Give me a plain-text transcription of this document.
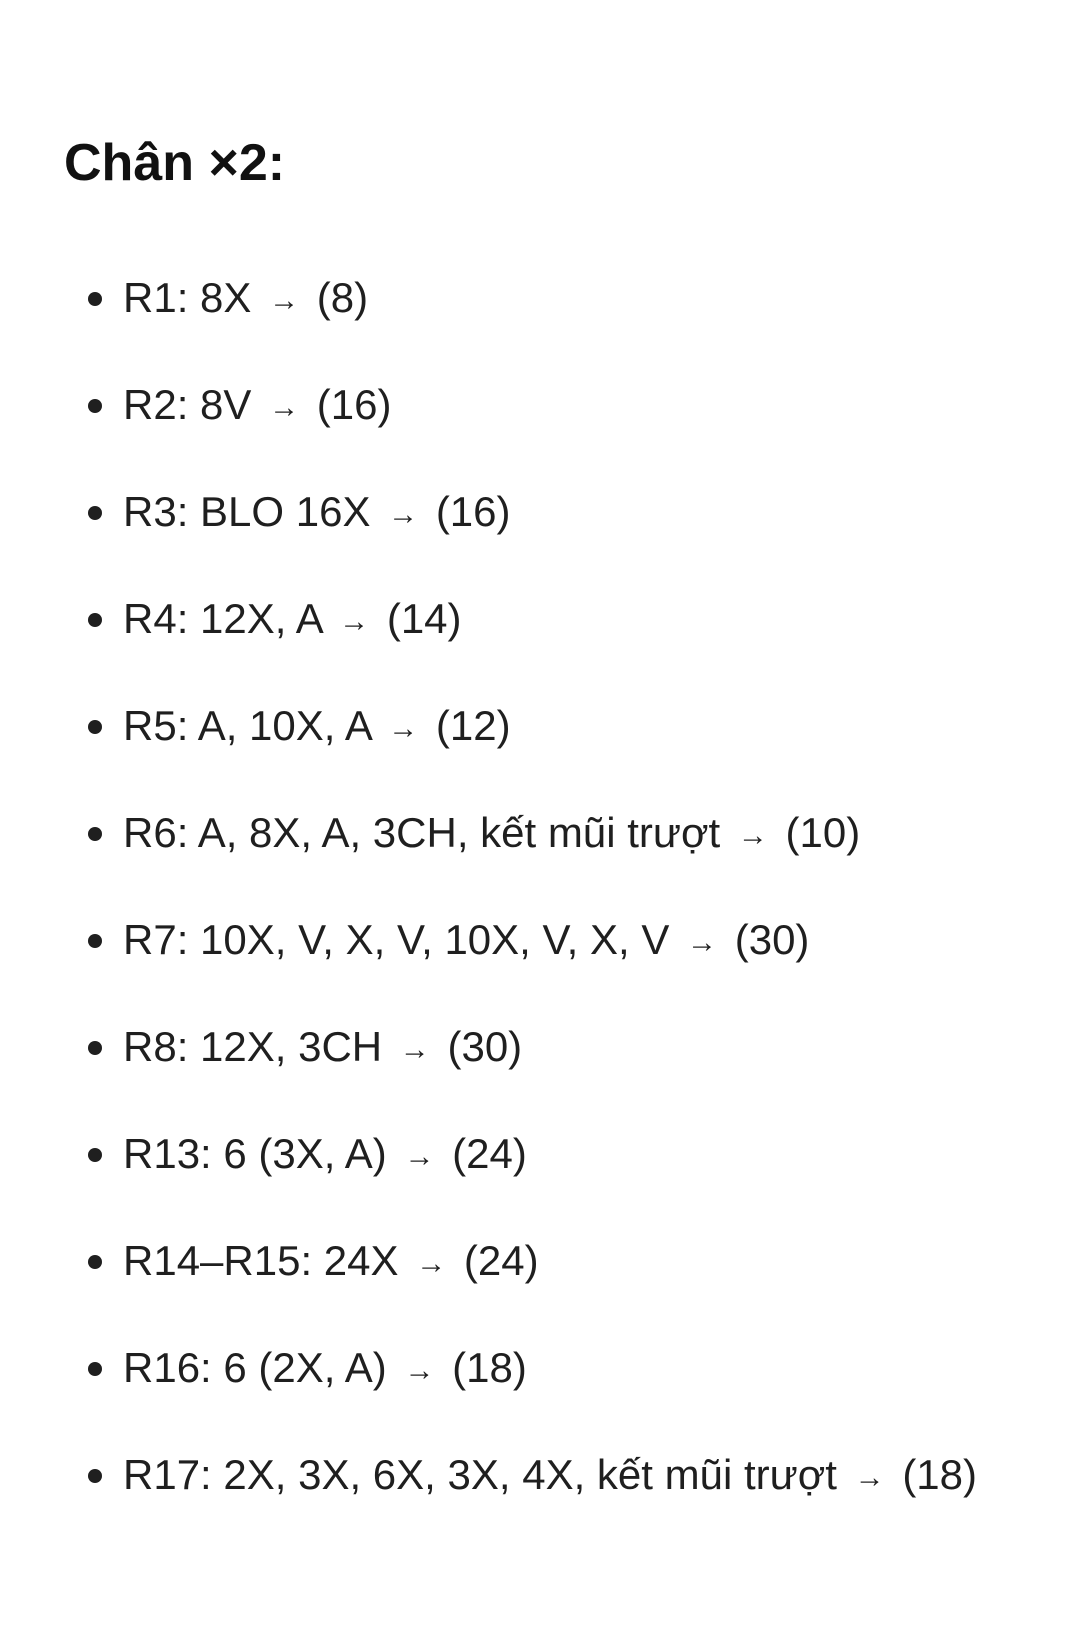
Chân ×2:
R1: 8X → (8)
R2: 8V → (16)
R3: BLO 16X → (16)
R4: 12X, A → (14)
R5: A, 10X, A → (12)
R6: A, 8X, A, 3CH, kết mũi trượt → (10)
R7: 10X, V, X, V, 10X, V, X, V → (30)
R8: 12X, 3CH → (30)
R13: 6 (3X, A) → (24)
R14–R15: 24X → (24)
R16: 6 (2X, A) → (18)
R17: 2X, 3X, 6X, 3X, 4X, kết mũi trượt → (18)
